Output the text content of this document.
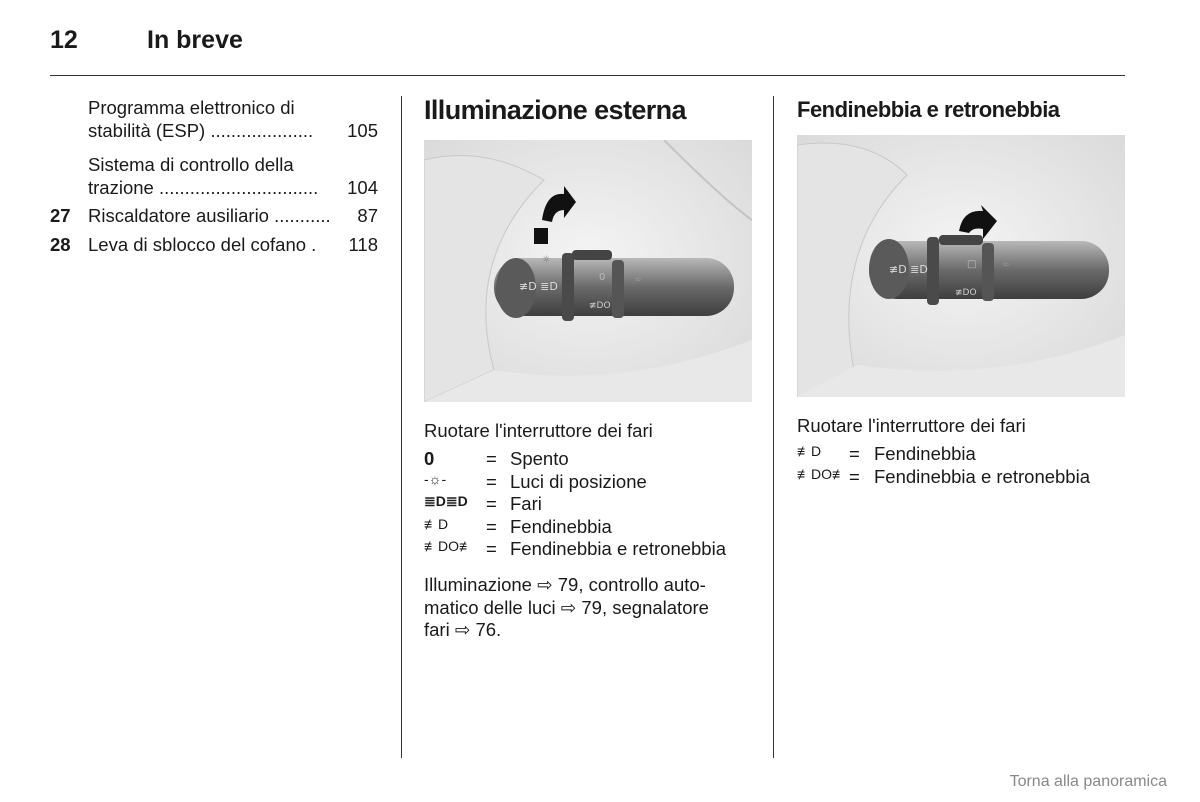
12	In breve
Programma elettronico di
stabilità (ESP) ....................	105
Sistema di controllo della
trazione ...............................	104
27 Riscaldatore ausiliario ...........	87
28 Leva di sblocco del cofano .	118
Illuminazione esterna
≢D ≣D
≢DO
0	∞
☼
Ruotare l'interruttore dei fari
0	= Spento
-☼- = Luci di posizione
≣D≣D = Fari
≢D = Fendinebbia
≢DO≢ = Fendinebbia e retronebbia
Illuminazione ⇨ 79, controllo auto-
matico delle luci ⇨ 79, segnalatore
fari ⇨ 76.
Fendinebbia e retronebbia
≢D ≣D
≢DO
□	∞
Ruotare l'interruttore dei fari
≢D = Fendinebbia
≢DO≢ = Fendinebbia e retronebbia
Torna alla panoramica
